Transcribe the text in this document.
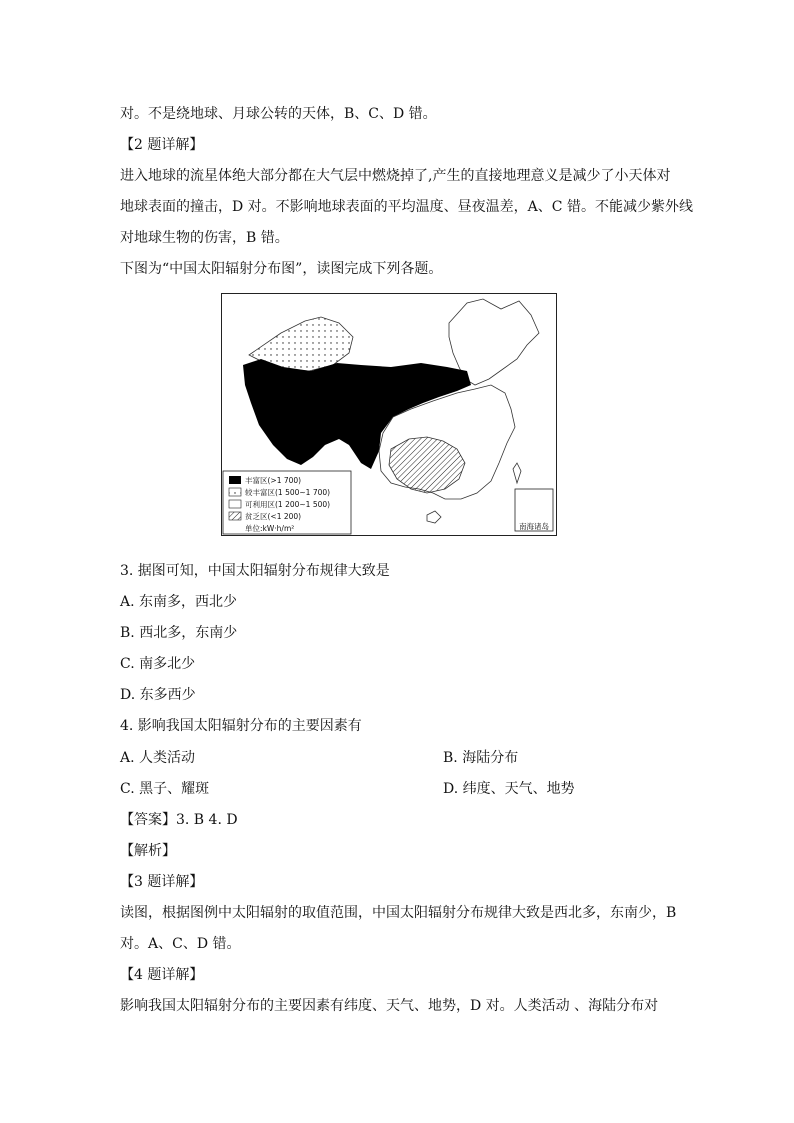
对。不是绕地球、月球公转的天体，B、C、D 错。
【2 题详解】
进入地球的流星体绝大部分都在大气层中燃烧掉了,产生的直接地理意义是减少了小天体对
地球表面的撞击，D 对。不影响地球表面的平均温度、昼夜温差，A、C 错。不能减少紫外线
对地球生物的伤害，B 错。
下图为“中国太阳辐射分布图”，读图完成下列各题。
南海诸岛
丰富区(>1 700)
较丰富区(1 500~1 700)
可利用区(1 200~1 500)
贫乏区(<1 200)
单位:kW·h/m²
3. 据图可知，中国太阳辐射分布规律大致是
A. 东南多，西北少
B. 西北多，东南少
C. 南多北少
D. 东多西少
4. 影响我国太阳辐射分布的主要因素有
A. 人类活动	B. 海陆分布
C. 黑子、耀斑	D. 纬度、天气、地势
【答案】3. B 4. D
【解析】
【3 题详解】
读图，根据图例中太阳辐射的取值范围，中国太阳辐射分布规律大致是西北多，东南少，B
对。A、C、D 错。
【4 题详解】
影响我国太阳辐射分布的主要因素有纬度、天气、地势，D 对。人类活动 、海陆分布对
